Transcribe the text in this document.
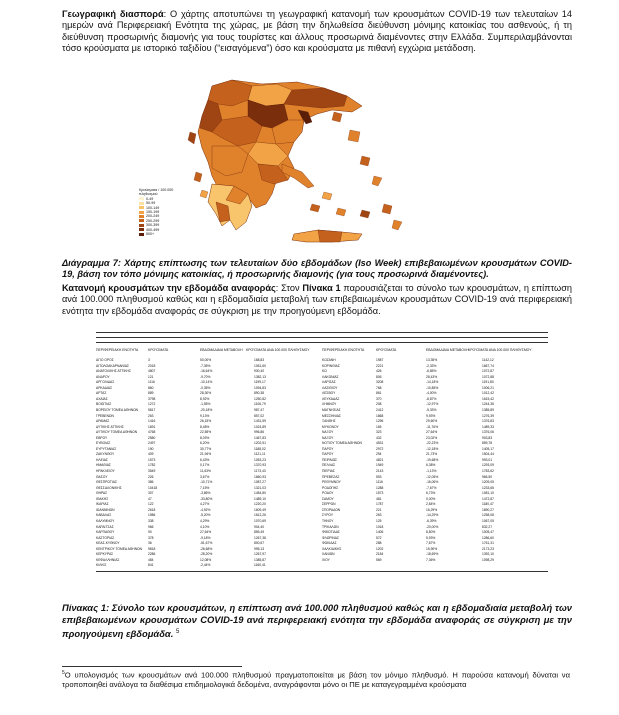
Γεωγραφική διασπορά: Ο χάρτης αποτυπώνει τη γεωγραφική κατανομή των κρουσμάτων COVID-19 των τελευταίων 14 ημερών ανά Περιφερειακή Ενότητα της χώρας, με βάση την δηλωθείσα διεύθυνση μόνιμης κατοικίας του ασθενούς, ή τη διεύθυνση προσωρινής διαμονής για τους τουρίστες και άλλους προσωρινά διαμένοντες στην Ελλάδα. Συμπεριλαμβάνονται τόσο κρούσματα με ιστορικό ταξιδίου (“εισαγόμενα”) όσο και κρούσματα με πιθανή εγχώρια μετάδοση.
Κρούσματα / 100.000 πληθυσμού
0-49
50-99
100-149
150-199
200-249
250-299
300-399
400-499
500+
Διάγραμμα 7: Χάρτης επίπτωσης των τελευταίων δύο εβδομάδων (Iso Week) επιβεβαιωμένων κρουσμάτων COVID-19, βάση τον τόπο μόνιμης κατοικίας, ή προσωρινής διαμονής (για τους προσωρινά διαμένοντες).
Κατανομή κρουσμάτων την εβδομάδα αναφοράς: Στον Πίνακα 1 παρουσιάζεται το σύνολο των κρουσμάτων, η επίπτωση ανά 100.000 πληθυσμού καθώς και η εβδομαδιαία μεταβολή των επιβεβαιωμένων κρουσμάτων COVID-19 ανά περιφερειακή ενότητα την εβδομάδα αναφοράς σε σύγκριση με την προηγούμενη εβδομάδα.
ΠΕΡΙΦΕΡΕΙΑΚΗ ΕΝΟΤΗΤΑ	ΚΡΟΥΣΜΑΤΑ	ΕΒΔΟΜΑΔΙΑΙΑ ΜΕΤΑΒΟΛΗ ΚΡΟΥΣΜΑΤΑ ΑΝΑ 100.000 ΠΛΗΘΥΣΜΟΥ	ΠΕΡΙΦΕΡΕΙΑΚΗ ΕΝΟΤΗΤΑ	ΚΡΟΥΣΜΑΤΑ	ΕΒΔΟΜΑΔΙΑΙΑ ΜΕΤΑΒΟΛΗ ΚΡΟΥΣΜΑΤΑ ΑΝΑ 100.000 ΠΛΗΘΥΣΜΟΥ
ΑΓΙΟ ΟΡΟΣ	3	50,00%	168,83	ΚΟΖΑΝΗ	1987	13,35%	1142,12
ΑΙΤΩΛΟΑΚΑΡΝΑΝΙΑΣ	2018	-7,35%	1051,60	ΚΟΡΙΝΘΙΑΣ	2221	-2,33%	1667,74
ΑΝΑΤΟΛΙΚΗΣ ΑΤΤΙΚΗΣ	4807	-16,64%	930,40	ΚΩ	426	-6,85%	1072,87
ΑΝΔΡΟΥ	121	-9,70%	1382,13	ΛΑΚΩΝΙΑΣ	806	28,43%	1072,88
ΑΡΓΟΛΙΔΑΣ	1116	-10,14%	1199,17	ΛΑΡΙΣΑΣ	3208	-14,18%	1191,80
ΑΡΚΑΔΙΑΣ	860	-0,35%	1094,83	ΛΑΣΙΘΙΟΥ	768	-10,85%	1006,21
ΑΡΤΑΣ	889	28,30%	890,38	ΛΕΣΒΟΥ	861	-4,00%	1012,42
ΑΧΑΪΑΣ	3798	8,92%	1250,82	ΛΕΥΚΑΔΑΣ	370	-8,87%	1615,42
ΒΟΙΩΤΙΑΣ	1272	-1,55%	1106,79	ΛΗΜΝΟΥ	208	-12,97%	1244,36
ΒΟΡΕΙΟΥ ΤΟΜΕΑ ΑΘΗΝΩΝ	5817	-20,18%	987,47	ΜΑΓΝΗΣΙΑΣ	2412	-5,33%	1385,89
ΓΡΕΒΕΝΩΝ	263	9,13%	857,02	ΜΕΣΣΗΝΙΑΣ	1868	9,93%	1276,39
ΔΡΑΜΑΣ	1416	26,15%	1431,59	ΞΑΝΘΗΣ	1296	29,60%	1376,83
ΔΥΤΙΚΗΣ ΑΤΤΙΚΗΣ	1691	8,48%	1024,89	ΜΥΚΟΝΟΥ	165	-11,76%	1489,33
ΔΥΤΙΚΟΥ ΤΟΜΕΑ ΑΘΗΝΩΝ	4768	22,55%	996,86	ΝΑΞΟΥ	323	27,64%	1376,06
ΕΒΡΟΥ	2580	8,03%	1467,83	ΝΑΞΟΥ	432	23,02%	903,83
ΕΥΒΟΙΑΣ	2497	6,20%	1202,51	ΝΟΤΙΟΥ ΤΟΜΕΑ ΑΘΗΝΩΝ	4531	-22,23%	859,78
ΕΥΡΥΤΑΝΙΑΣ	190	30,77%	1188,02	ΠΑΡΟΥ	2972	-12,18%	1405,17
ΖΑΚΥΝΘΟΥ	409	21,94%	1121,11	ΠΑΡΟΥ	294	21,73%	1504,44
ΗΛΕΙΑΣ	1573	6,43%	1053,23	ΠΕΙΡΑΙΩΣ	4821	-19,68%	993,01
ΗΜΑΘΙΑΣ	1782	0,17%	1370,93	ΠΕΛΛΑΣ	1949	6,38%	1293,09
ΗΡΑΚΛΕΙΟΥ	3549	11,63%	1173,43	ΠΙΕΡΙΑΣ	2143	-1,13%	1783,62
ΘΑΣΟΥ	226	3,67%	1660,93	ΠΡΕΒΕΖΑΣ	593	-12,05%	966,50
ΘΕΣΠΡΩΤΙΑΣ	386	-10,71%	1087,27	ΡΕΘΥΜΝΟΥ	1116	-16,06%	1209,05
ΘΕΣΣΑΛΟΝΙΚΗΣ	10418	7,15%	1321,03	ΡΟΔΟΠΗΣ	1288	-7,67%	1233,65
ΘΗΡΑΣ	307	-3,86%	1454,80	ΡΟΔΟΥ	1573	6,73%	1081,10
ΙΘΑΚΗΣ	47	-33,80%	1489,10	ΣΑΜΟΥ	481	0,00%	1472,87
ΙΚΑΡΙΑΣ	122	4,27%	1220,20	ΣΕΡΡΩΝ	1787	2,84%	1180,47
ΙΩΑΝΝΙΝΩΝ	2618	-4,92%	1609,49	ΣΠΟΡΑΔΩΝ	221	16,29%	1890,27
ΚΑΒΑΛΑΣ	1986	-5,20%	1612,26	ΣΥΡΟΥ	263	-14,29%	1258,08
ΚΑΛΥΜΝΟΥ	338	4,29%	1070,69	ΤΗΝΟΥ	125	-6,39%	1067,05
ΚΑΡΔΙΤΣΑΣ	966	4,10%	904,40	ΤΡΙΚΑΛΩΝ	1018	-20,00%	832,27
ΚΑΡΠΑΘΟΥ	90	27,64%	855,49	ΦΘΙΩΤΙΔΑΣ	1406	8,80%	1005,47
ΚΑΣΤΟΡΙΑΣ	378	-9,18%	1267,38	ΦΛΩΡΙΝΑΣ	572	5,93%	1286,60
ΚΕΑΣ-ΚΥΘΝΟΥ	36	-51,67%	800,67	ΦΩΚΙΔΑΣ	288	7,87%	1761,31
ΚΕΝΤΡΙΚΟΥ ΤΟΜΕΑ ΑΘΗΝΩΝ 9818	-26,68%	995,13	ΧΑΛΚΙΔΙΚΗΣ	1202	15,90%	2173,23
ΚΕΡΚΥΡΑΣ	2286	-28,20%	1267,97	ΧΑΝΙΩΝ	2184	-18,69%	1392,10
ΚΕΦΑΛΛΗΝΙΑΣ	484	12,08%	1385,87	ΧΙΟΥ	569	7,36%	1098,29
ΚΙΛΚΙΣ	841	-2,44%	1160,41
Πίνακας 1: Σύνολο των κρουσμάτων, η επίπτωση ανά 100.000 πληθυσμού καθώς και η εβδομαδιαία μεταβολή των επιβεβαιωμένων κρουσμάτων COVID-19 ανά περιφερειακή ενότητα την εβδομάδα αναφοράς σε σύγκριση με την προηγούμενη εβδομάδα. $^5$
$^5$Ο υπολογισμός των κρουσμάτων ανά 100.000 πληθυσμού πραγματοποιείται με βάση τον μόνιμο πληθυσμό. Η παρούσα κατανομή δύναται να τροποποιηθεί ανάλογα τα διαθέσιμα επιδημιολογικά δεδομένα, αναγράφονται μόνο οι ΠΕ με καταγεγραμμένα κρούσματα
